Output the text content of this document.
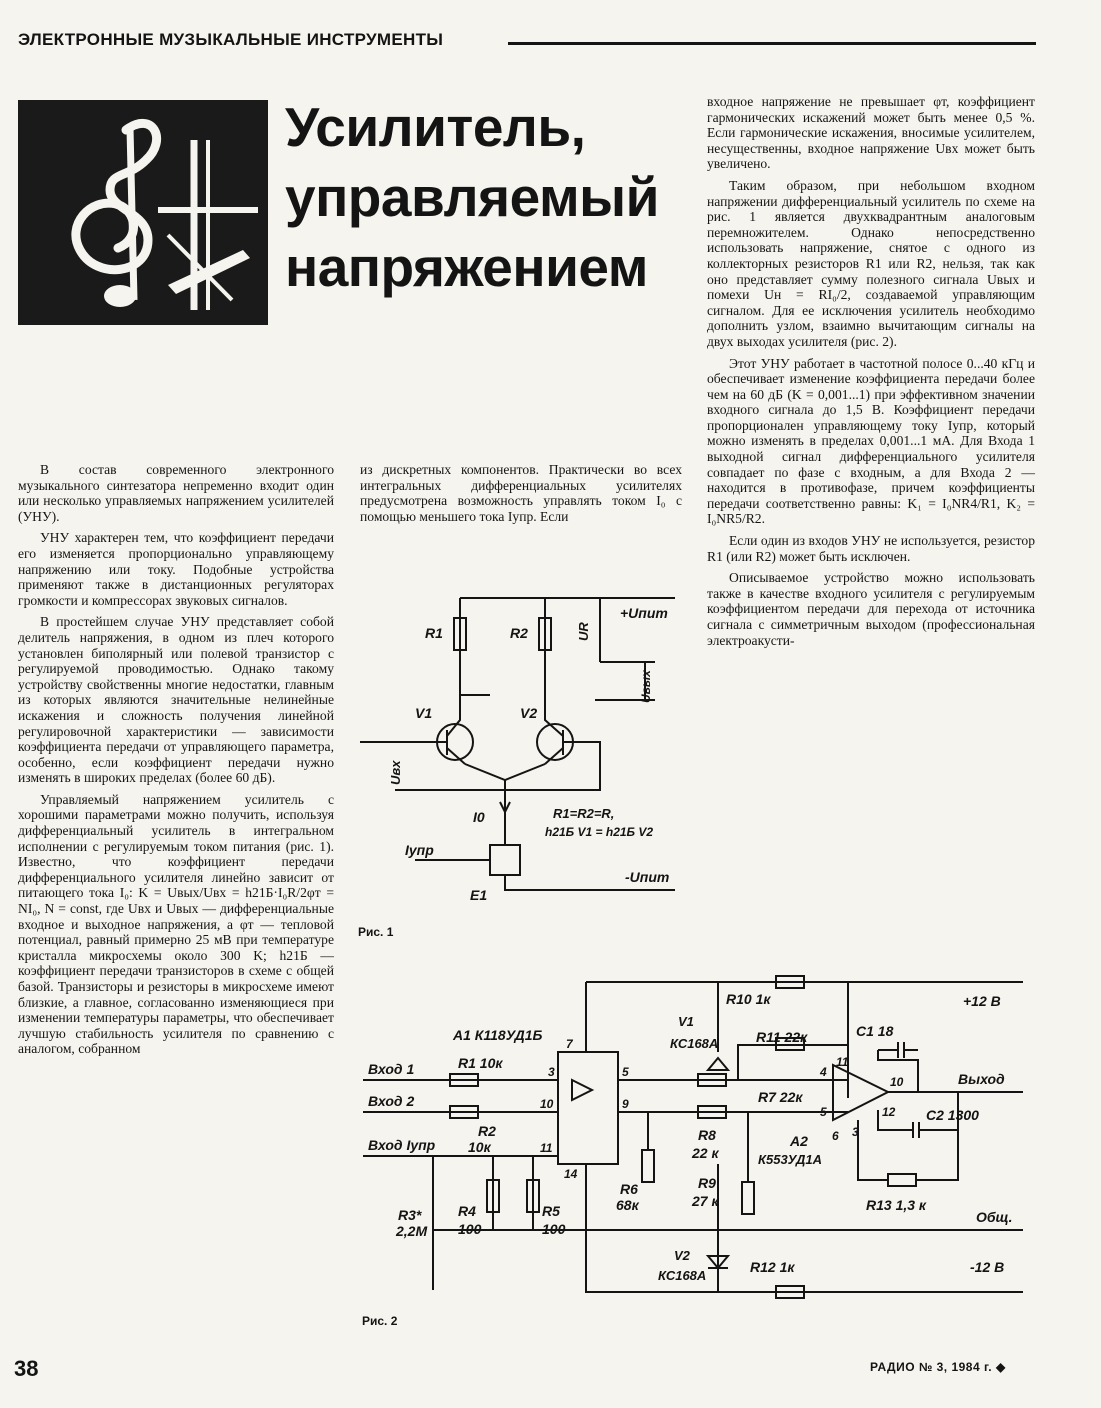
ЭЛЕКТРОННЫЕ МУЗЫКАЛЬНЫЕ ИНСТРУМЕНТЫ
Усилитель,
управляемый
напряжением

В состав современного электронного музыкального синтезатора непременно входит один или несколько управляемых напряжением усилителей (УНУ).

УНУ характерен тем, что коэффициент передачи его изменяется пропорционально управляющему напряжению или току. Подобные устройства применяют также в дистанционных регуляторах громкости и компрессорах звуковых сигналов.

В простейшем случае УНУ представляет собой делитель напряжения, в одном из плеч которого установлен биполярный или полевой транзистор с регулируемой проводимостью. Однако такому устройству свойственны многие недостатки, главным из которых являются значительные нелинейные искажения и сложность получения линейной регулировочной характеристики — зависимости коэффициента передачи от управляющего параметра, особенно, если коэффициент передачи нужно изменять в широких пределах (более 60 дБ).

Управляемый напряжением усилитель с хорошими параметрами можно получить, используя дифференциальный усилитель в интегральном исполнении с регулируемым током питания (рис. 1). Известно, что коэффициент передачи дифференциального усилителя линейно зависит от питающего тока I₀: K = Uвых/Uвх = h21Б·I₀R/2φт = NI₀, N = const, где Uвх и Uвых — дифференциальные входное и выходное напряжения, а φт — тепловой потенциал, равный примерно 25 мВ при температуре кристалла микросхемы около 300 K; h21Б — коэффициент передачи транзисторов в схеме с общей базой. Транзисторы и резисторы в микросхеме имеют близкие, а главное, согласованно изменяющиеся при изменении температуры параметры, что обеспечивает лучшую стабильность усилителя по сравнению с аналогом, собранном

из дискретных компонентов. Практически во всех интегральных дифференциальных усилителях предусмотрена возможность управлять током I₀ с помощью меньшего тока Iупр. Если

входное напряжение не превышает φт, коэффициент гармонических искажений может быть менее 0,5 %. Если гармонические искажения, вносимые усилителем, несущественны, входное напряжение Uвх может быть увеличено.

Таким образом, при небольшом входном напряжении дифференциальный усилитель по схеме на рис. 1 является двухквадрантным аналоговым перемножителем. Однако непосредственно использовать напряжение, снятое с одного из коллекторных резисторов R1 или R2, нельзя, так как оно представляет сумму полезного сигнала Uвых и помехи Uн = RI₀/2, создаваемой управляющим сигналом. Для ее исключения усилитель необходимо дополнить узлом, взаимно вычитающим сигналы на двух выходах усилителя (рис. 2).

Этот УНУ работает в частотной полосе 0...40 кГц и обеспечивает изменение коэффициента передачи более чем на 60 дБ (K = 0,001...1) при эффективном значении входного сигнала до 1,5 В. Коэффициент передачи пропорционален управляющему току Iупр, который можно изменять в пределах 0,001...1 мА. Для Входа 1 выходной сигнал дифференциального усилителя совпадает по фазе с входным, а для Входа 2 — находится в противофазе, причем коэффициенты передачи соответственно равны: K₁ = I₀NR4/R1, K₂ = I₀NR5/R2.

Если один из входов УНУ не используется, резистор R1 (или R2) может быть исключен.

Описываемое устройство можно использовать также в качестве входного усилителя с регулируемым коэффициентом передачи для перехода от источника сигнала с симметричным выходом (профессиональная электроакусти-

R1	R2	UR
+Uпит
Uвых
V1	V2
Uвх
I0	R1=R2=R,
h21Б V1 = h21Б V2
Iупр
E1
-Uпит
Рис. 1
A1 К118УД1Б
V1
КС168А
R10 1к
R11 22к	C1 18
+12 В
Вход 1	R1 10к
Вход 2
R2
10к
Вход Iупр
R7 22к
R8
22 к
A2
К553УД1А
Выход
C2 1300
R6
68к
R9
27 к	R13 1,3 к
R3*
2,2М
R4
100
R5
100
Общ.
V2
КС168А
R12 1к	-12 В
3
10
11
14
5
9
7
4
5
6
11
10
12
3
Рис. 2
38	РАДИО № 3, 1984 г. ◆
